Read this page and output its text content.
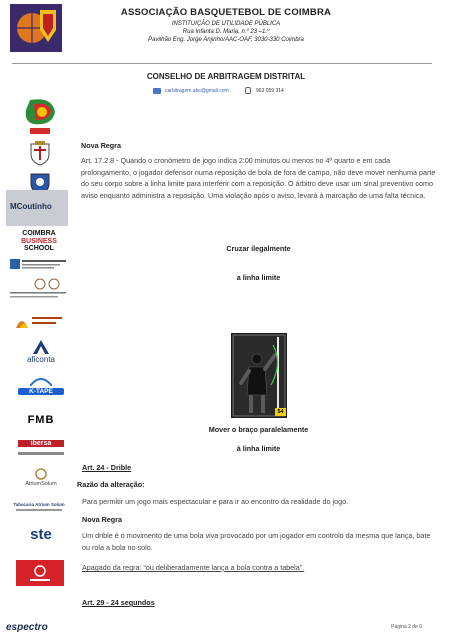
ASSOCIAÇÃO BASQUETEBOL DE COIMBRA
INSTITUIÇÃO DE UTILIDADE PÚBLICA
Rua Infanta D. Maria, n.º 23 –1.º
Pavilhão Eng. Jorge Anjinho/AAC-OAF, 3030-330 Coimbra
CONSELHO DE ARBITRAGEM DISTRITAL
carbitragem.abc@gmail.com	963 059 314
MCoutinho
COIMBRA
BUSINESS
SCHOOL
aficonta
K-TAPE
FMB
ibersa
AtriumSolum
Tabacaria Atrium Solum
ste
espectro
Nova Regra
Art. 17.2.8 - Quando o cronómetro de jogo indica 2:00 minutos ou menos no 4º quarto e em cada prolongamento, o jogador defensor numa reposição de bola de fora de campo, não deve mover nenhuma parte do seu corpo sobre a linha limite para interferir com a reposição. O árbitro deve usar um sinal preventivo como aviso enquanto administra a reposição. Uma violação após o aviso, levará à marcação de uma falta técnica.
Cruzar ilegalmente
a linha limite
54
Mover o braço paralelamente
à linha limite
Art. 24 - Drible
Razão da alteração:
Para permitir um jogo mais espectacular e para ir ao encontro da realidade do jogo.
Nova Regra
Um drible é o movimento de uma bola viva provocado por um jogador em controlo da mesma que lança, bate ou rola a bola no solo.
Apagado da regra: “ou deliberadamente lança a bola contra a tabela”.
Art. 29 - 24 segundos
Página 2 de 6
